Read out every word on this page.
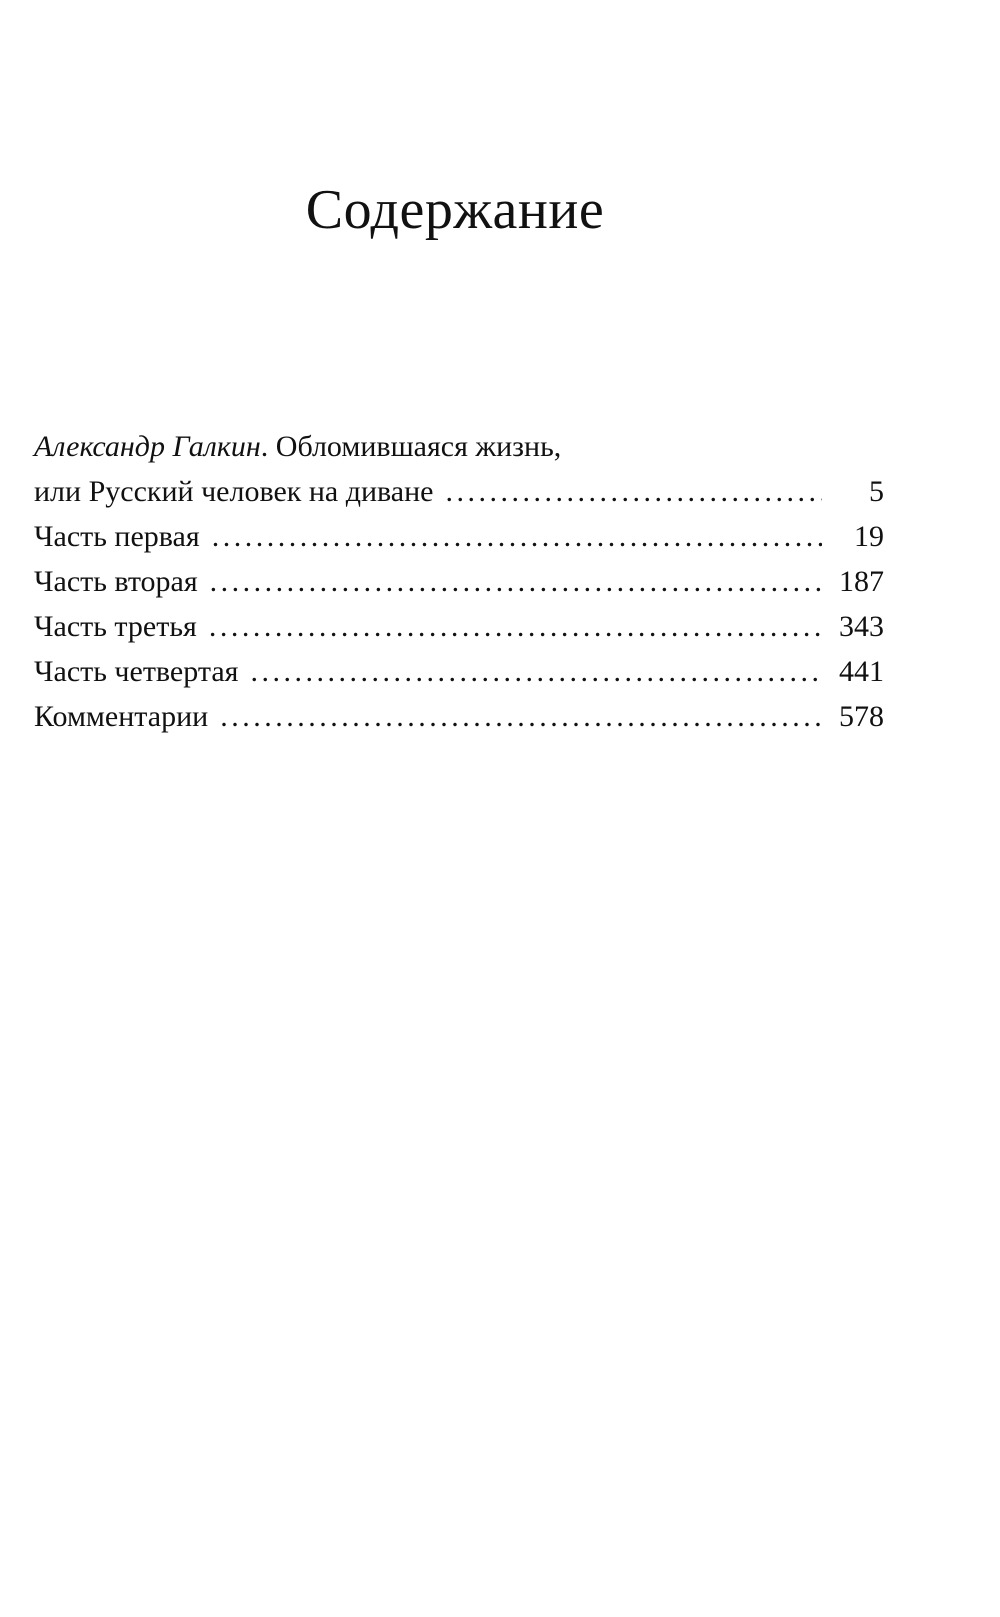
Содержание
Александр Галкин. Обломившаяся жизнь,
или Русский человек на диване . . .	5
Часть первая . . .	19
Часть вторая . . .	187
Часть третья . . .	343
Часть четвертая . . .	441
Комментарии . . .	578
